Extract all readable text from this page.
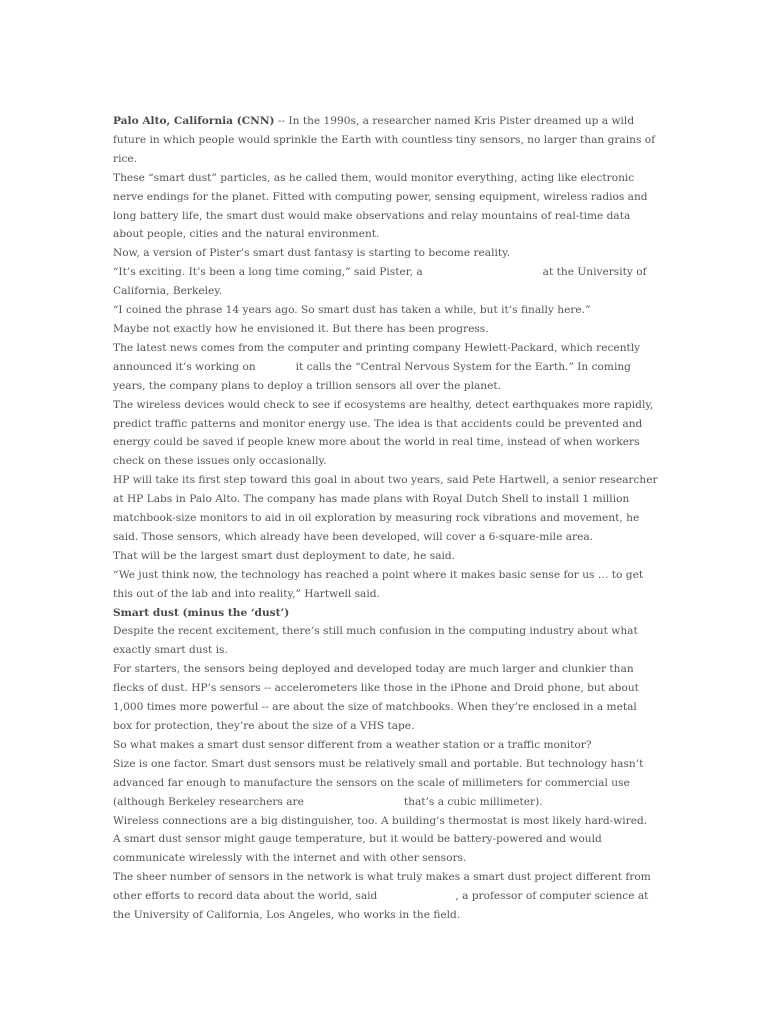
Palo Alto, California (CNN) -- In the 1990s, a researcher named Kris Pister dreamed up a wild future in which people would sprinkle the Earth with countless tiny sensors, no larger than grains of rice.

These “smart dust” particles, as he called them, would monitor everything, acting like electronic nerve endings for the planet. Fitted with computing power, sensing equipment, wireless radios and long battery life, the smart dust would make observations and relay mountains of real-time data about people, cities and the natural environment.

Now, a version of Pister’s smart dust fantasy is starting to become reality.

“It’s exciting. It’s been a long time coming,” said Pister, a	at the University of California, Berkeley.

“I coined the phrase 14 years ago. So smart dust has taken a while, but it’s finally here.”

Maybe not exactly how he envisioned it. But there has been progress.

The latest news comes from the computer and printing company Hewlett-Packard, which recently announced it’s working on	it calls the “Central Nervous System for the Earth.” In coming years, the company plans to deploy a trillion sensors all over the planet.

The wireless devices would check to see if ecosystems are healthy, detect earthquakes more rapidly, predict traffic patterns and monitor energy use. The idea is that accidents could be prevented and energy could be saved if people knew more about the world in real time, instead of when workers check on these issues only occasionally.

HP will take its first step toward this goal in about two years, said Pete Hartwell, a senior researcher at HP Labs in Palo Alto. The company has made plans with Royal Dutch Shell to install 1 million matchbook-size monitors to aid in oil exploration by measuring rock vibrations and movement, he said. Those sensors, which already have been developed, will cover a 6-square-mile area.

That will be the largest smart dust deployment to date, he said.

“We just think now, the technology has reached a point where it makes basic sense for us … to get this out of the lab and into reality,” Hartwell said.

Smart dust (minus the ‘dust’)

Despite the recent excitement, there’s still much confusion in the computing industry about what exactly smart dust is.

For starters, the sensors being deployed and developed today are much larger and clunkier than flecks of dust. HP’s sensors -- accelerometers like those in the iPhone and Droid phone, but about 1,000 times more powerful -- are about the size of matchbooks. When they’re enclosed in a metal box for protection, they’re about the size of a VHS tape.

So what makes a smart dust sensor different from a weather station or a traffic monitor?

Size is one factor. Smart dust sensors must be relatively small and portable. But technology hasn’t advanced far enough to manufacture the sensors on the scale of millimeters for commercial use (although Berkeley researchers are	that’s a cubic millimeter).

Wireless connections are a big distinguisher, too. A building’s thermostat is most likely hard-wired. A smart dust sensor might gauge temperature, but it would be battery-powered and would communicate wirelessly with the internet and with other sensors.

The sheer number of sensors in the network is what truly makes a smart dust project different from other efforts to record data about the world, said	, a professor of computer science at the University of California, Los Angeles, who works in the field.
